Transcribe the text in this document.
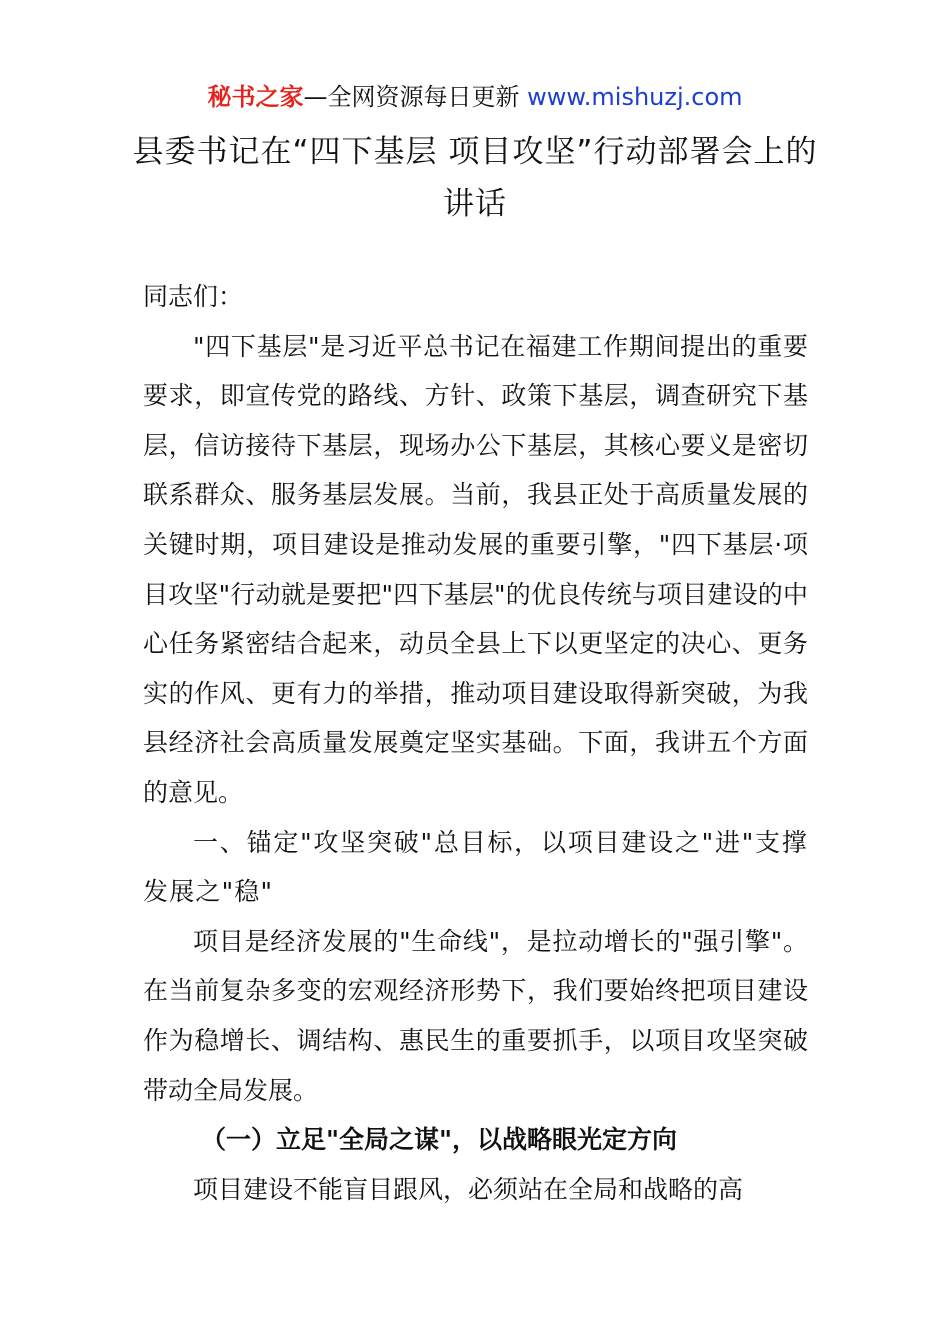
秘书之家—全网资源每日更新 www.mishuzj.com
县委书记在“四下基层 项目攻坚”行动部署会上的讲话

同志们：

"四下基层"是习近平总书记在福建工作期间提出的重要要求，即宣传党的路线、方针、政策下基层，调查研究下基层，信访接待下基层，现场办公下基层，其核心要义是密切联系群众、服务基层发展。当前，我县正处于高质量发展的关键时期，项目建设是推动发展的重要引擎，"四下基层·项目攻坚"行动就是要把"四下基层"的优良传统与项目建设的中心任务紧密结合起来，动员全县上下以更坚定的决心、更务实的作风、更有力的举措，推动项目建设取得新突破，为我县经济社会高质量发展奠定坚实基础。下面，我讲五个方面的意见。

一、锚定"攻坚突破"总目标，以项目建设之"进"支撑发展之"稳"

项目是经济发展的"生命线"，是拉动增长的"强引擎"。在当前复杂多变的宏观经济形势下，我们要始终把项目建设作为稳增长、调结构、惠民生的重要抓手，以项目攻坚突破带动全局发展。

（一）立足"全局之谋"，以战略眼光定方向

项目建设不能盲目跟风，必须站在全局和战略的高
